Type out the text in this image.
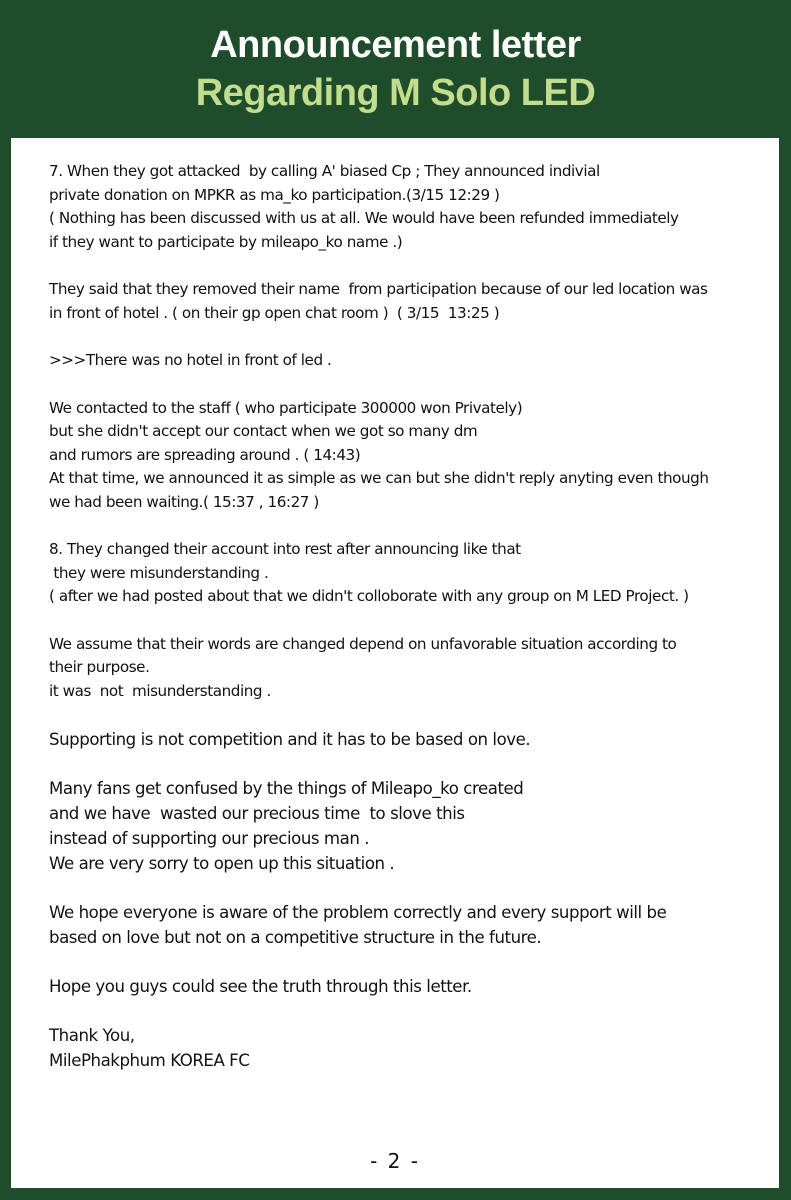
Announcement letter
Regarding M Solo LED
7. When they got attacked  by calling A' biased Cp ; They announced indivial
private donation on MPKR as ma_ko participation.(3/15 12:29 )
( Nothing has been discussed with us at all. We would have been refunded immediately
if they want to participate by mileapo_ko name .)
They said that they removed their name  from participation because of our led location was
in front of hotel . ( on their gp open chat room )  ( 3/15  13:25 )
>>>There was no hotel in front of led .
We contacted to the staff ( who participate 300000 won Privately)
but she didn't accept our contact when we got so many dm
and rumors are spreading around . ( 14:43)
At that time, we announced it as simple as we can but she didn't reply anyting even though
we had been waiting.( 15:37 , 16:27 )
8. They changed their account into rest after announcing like that
they were misunderstanding .
( after we had posted about that we didn't colloborate with any group on M LED Project. )
We assume that their words are changed depend on unfavorable situation according to
their purpose.
it was  not  misunderstanding .
Supporting is not competition and it has to be based on love.
Many fans get confused by the things of Mileapo_ko created
and we have  wasted our precious time  to slove this
instead of supporting our precious man .
We are very sorry to open up this situation .
We hope everyone is aware of the problem correctly and every support will be
based on love but not on a competitive structure in the future.
Hope you guys could see the truth through this letter.
Thank You,
MilePhakphum KOREA FC
- 2 -
